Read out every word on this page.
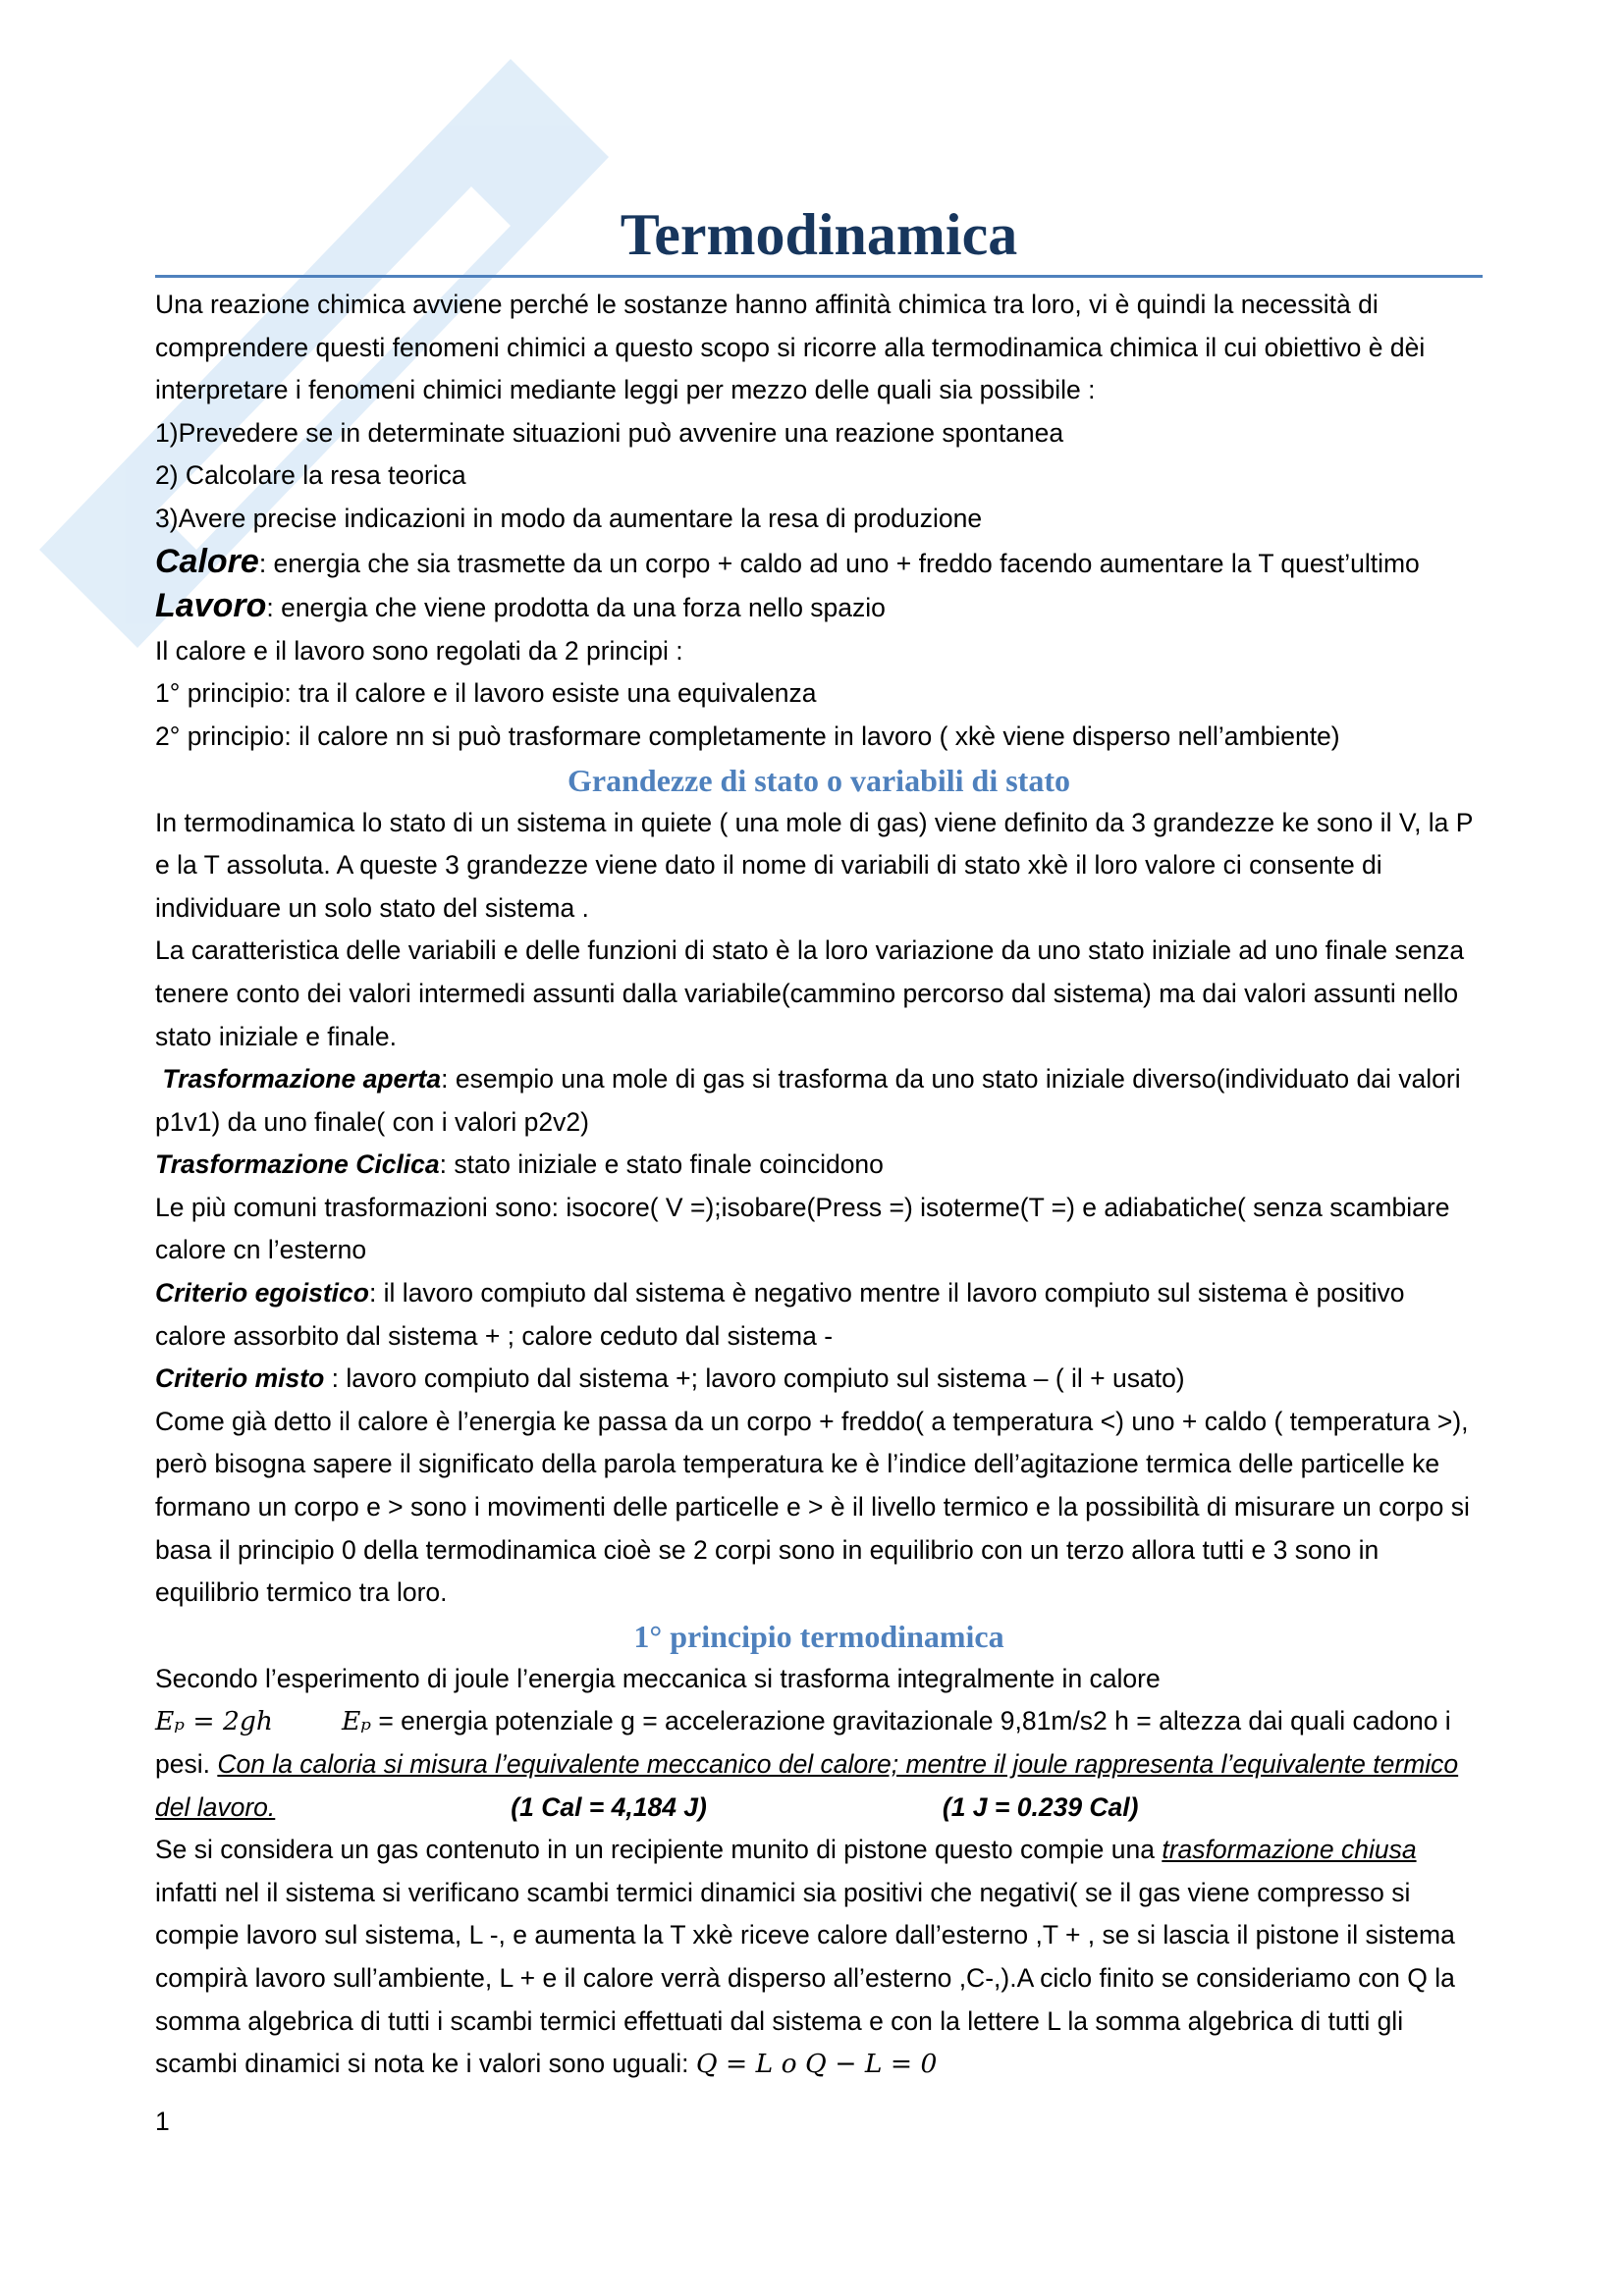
Termodinamica

Una reazione chimica avviene perché le sostanze hanno affinità chimica tra loro, vi è quindi la necessità di comprendere questi fenomeni chimici a questo scopo si ricorre alla termodinamica chimica il cui obiettivo è dèi interpretare i fenomeni chimici mediante leggi per mezzo delle quali sia possibile :

1)Prevedere se in determinate situazioni può avvenire una reazione spontanea
2) Calcolare la resa teorica
3)Avere precise indicazioni in modo da aumentare la resa di produzione

Calore: energia che sia trasmette da un corpo + caldo ad uno + freddo facendo aumentare la T quest’ultimo

Lavoro: energia che viene prodotta da una forza nello spazio

Il calore e il lavoro sono regolati da 2 principi :
1° principio: tra il calore e il lavoro esiste una equivalenza
2° principio: il calore nn si può trasformare completamente in lavoro ( xkè viene disperso nell’ambiente)
Grandezze di stato o variabili di stato

In termodinamica lo stato di un sistema in quiete ( una mole di gas) viene definito da 3 grandezze ke sono il V, la P e la T assoluta. A queste 3 grandezze viene dato il nome di variabili di stato xkè il loro valore ci consente di individuare un solo stato del sistema .

La caratteristica delle variabili e delle funzioni di stato è la loro variazione da uno stato iniziale ad uno finale senza tenere conto dei valori intermedi assunti dalla variabile(cammino percorso dal sistema) ma dai valori assunti nello stato iniziale e finale.

Trasformazione aperta: esempio una mole di gas si trasforma da uno stato iniziale diverso(individuato dai valori p1v1) da uno finale( con i valori p2v2)

Trasformazione Ciclica: stato iniziale e stato finale coincidono

Le più comuni trasformazioni sono: isocore( V =);isobare(Press =) isoterme(T =) e adiabatiche( senza scambiare calore cn l’esterno

Criterio egoistico: il lavoro compiuto dal sistema è negativo mentre il lavoro compiuto sul sistema è positivo calore assorbito dal sistema + ; calore ceduto dal sistema -

Criterio misto : lavoro compiuto dal sistema +; lavoro compiuto sul sistema – ( il + usato)

Come già detto il calore è l’energia ke passa da un corpo + freddo( a temperatura <) uno + caldo ( temperatura >), però bisogna sapere il significato della parola temperatura ke è l’indice dell’agitazione termica delle particelle ke formano un corpo e > sono i movimenti delle particelle e > è il livello termico e la possibilità di misurare un corpo si basa il principio 0 della termodinamica cioè se 2 corpi sono in equilibrio con un terzo allora tutti e 3 sono in equilibrio termico tra loro.

1° principio termodinamica

Secondo l’esperimento di joule l’energia meccanica si trasforma integralmente in calore

Eₚ = 2gh	Eₚ = energia potenziale g = accelerazione gravitazionale 9,81m/s2 h = altezza dai quali cadono i pesi. Con la caloria si misura l’equivalente meccanico del calore; mentre il joule rappresenta l’equivalente termico del lavoro.	(1 Cal = 4,184 J)	(1 J = 0.239 Cal)

Se si considera un gas contenuto in un recipiente munito di pistone questo compie una trasformazione chiusa infatti nel il sistema si verificano scambi termici dinamici sia positivi che negativi( se il gas viene compresso si compie lavoro sul sistema, L -, e aumenta la T xkè riceve calore dall’esterno ,T + , se si lascia il pistone il sistema compirà lavoro sull’ambiente, L + e il calore verrà disperso all’esterno ,C-,).A ciclo finito se consideriamo con Q la somma algebrica di tutti i scambi termici effettuati dal sistema e con la lettere L la somma algebrica di tutti gli scambi dinamici si nota ke i valori sono uguali: Q = L o Q − L = 0

1
